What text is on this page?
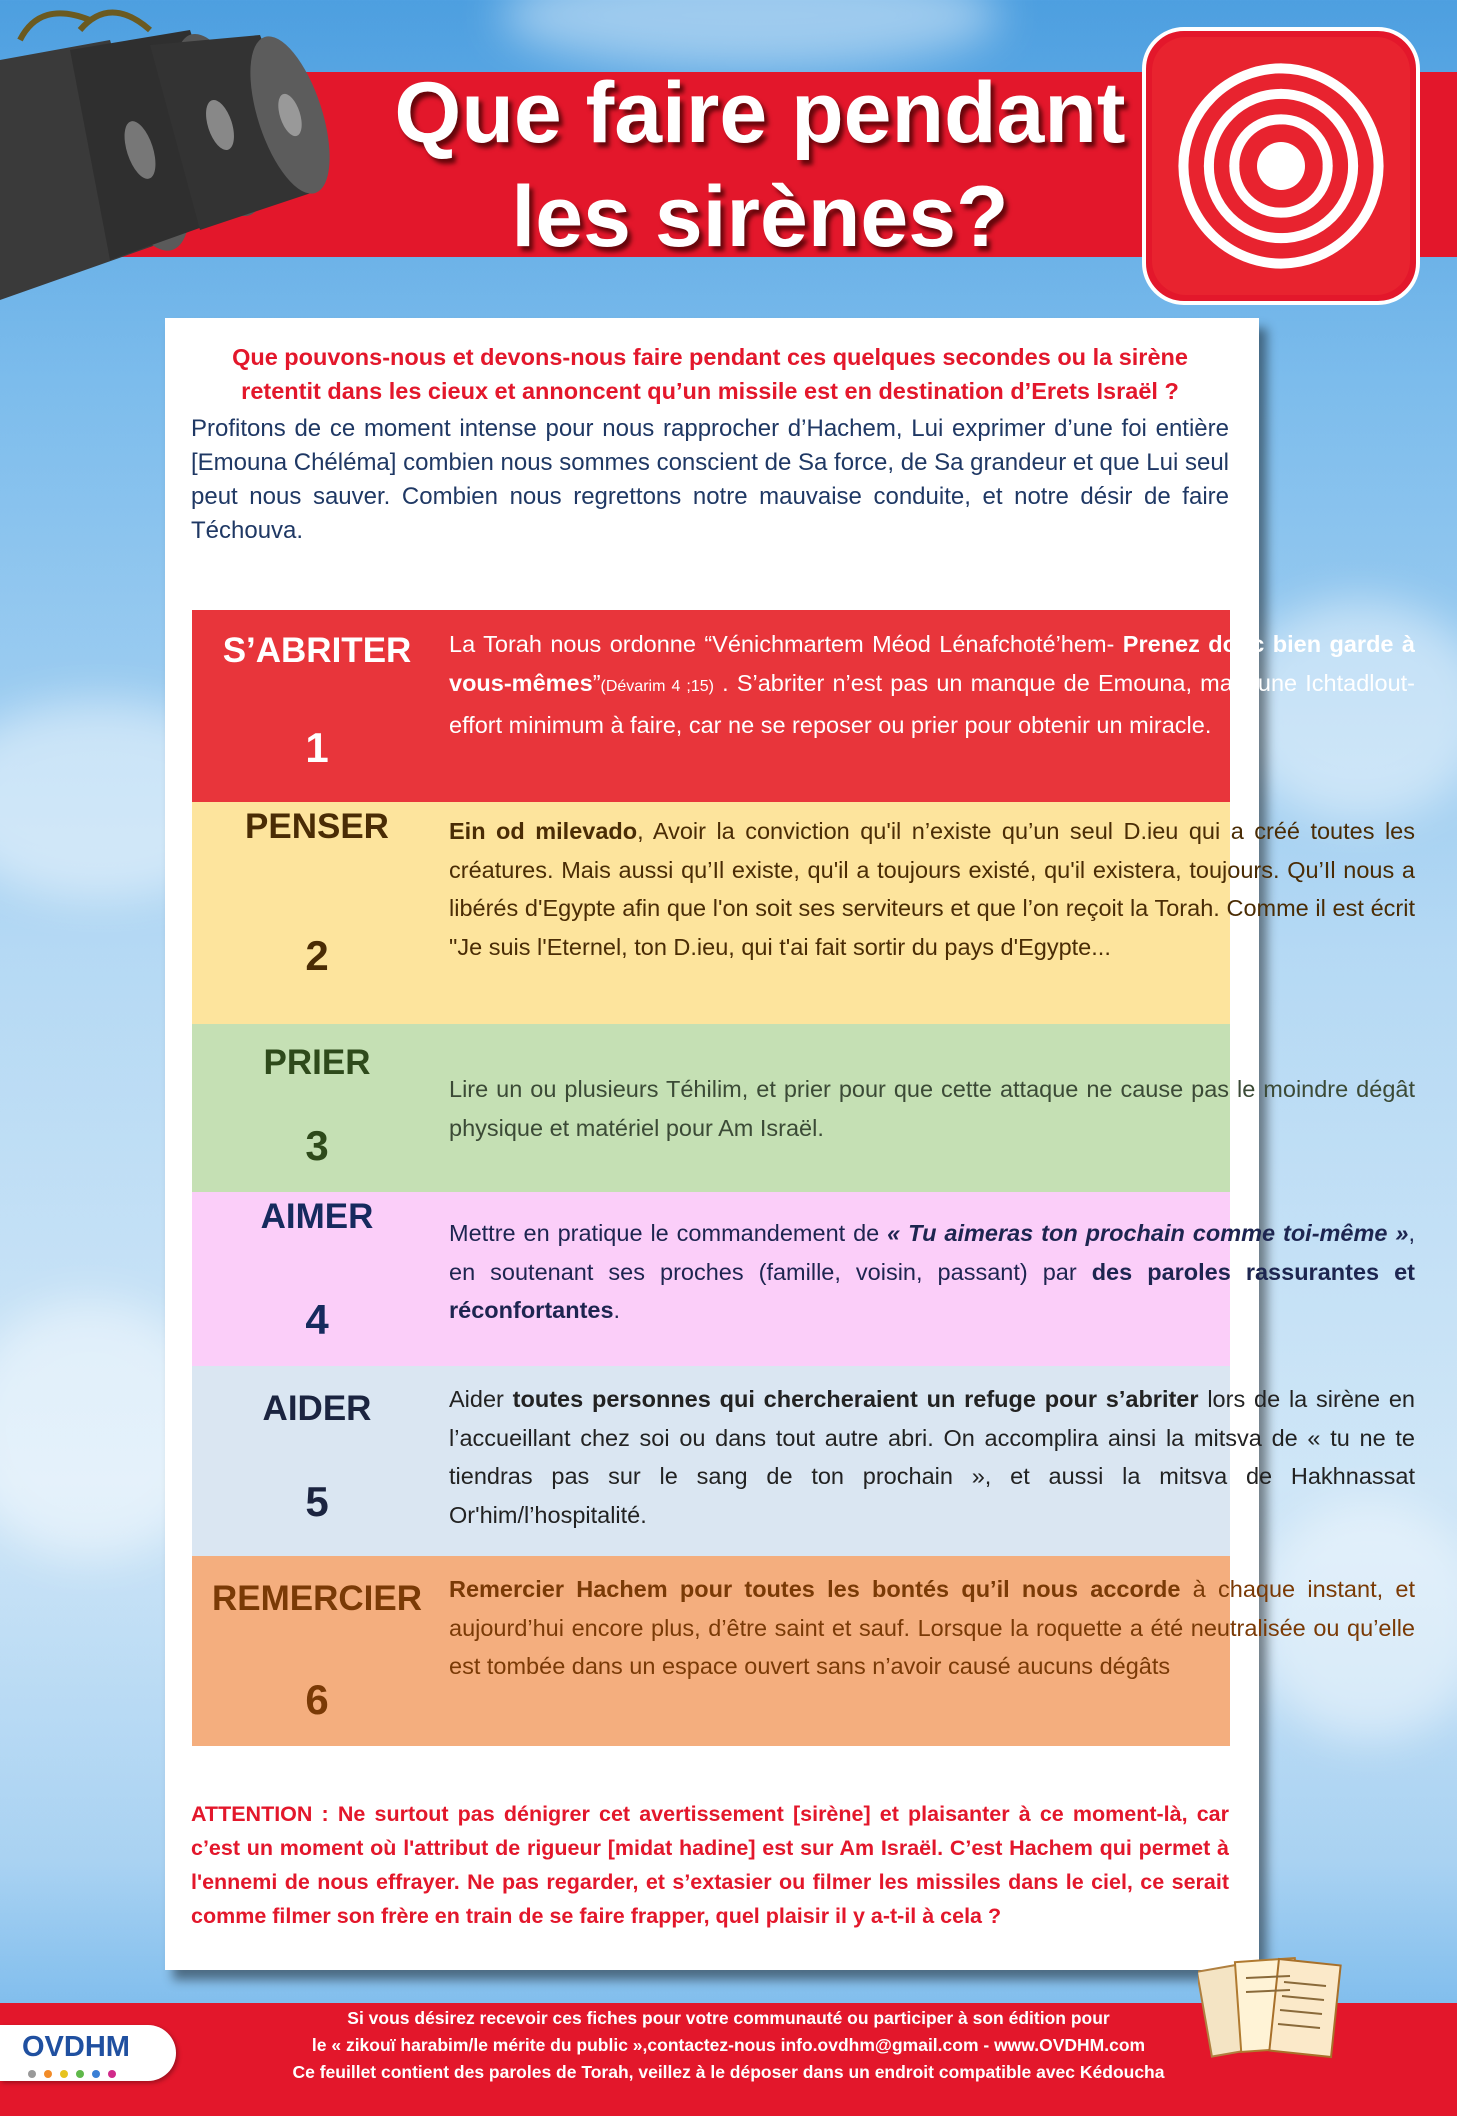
Que faire pendant
les sirènes?

Que pouvons-nous et devons-nous faire pendant ces quelques secondes ou la sirène retentit dans les cieux et annoncent qu’un missile est en destination d’Erets Israël ?

Profitons de ce moment intense pour nous rapprocher d’Hachem, Lui exprimer d’une foi entière [Emouna Chéléma] combien nous sommes conscient de Sa force, de Sa grandeur et que Lui seul peut nous sauver. Combien nous regrettons notre mauvaise conduite, et notre désir de faire Téchouva.

S’ABRITER
1

La Torah nous ordonne “Vénichmartem Méod Lénafchoté’hem- Prenez donc bien garde à vous-mêmes”(Dévarim 4 ;15) . S’abriter n’est pas un manque de Emouna, mais une Ichtadlout-effort minimum à faire, car ne se reposer ou prier pour obtenir un miracle.

PENSER
2

Ein od milevado, Avoir la conviction qu'il n’existe qu’un seul D.ieu qui a créé toutes les créatures. Mais aussi qu’Il existe, qu'il a toujours existé, qu'il existera, toujours. Qu’Il nous a libérés d'Egypte afin que l'on soit ses serviteurs et que l’on reçoit la Torah. Comme il est écrit "Je suis l'Eternel, ton D.ieu, qui t'ai fait sortir du pays d'Egypte...

PRIER
3

Lire un ou plusieurs Téhilim, et prier pour que cette attaque ne cause pas le moindre dégât physique et matériel pour Am Israël.

AIMER
4

Mettre en pratique le commandement de « Tu aimeras ton prochain comme toi-même », en soutenant ses proches (famille, voisin, passant) par des paroles rassurantes et réconfortantes.

AIDER
5

Aider toutes personnes qui chercheraient un refuge pour s’abriter lors de la sirène en l’accueillant chez soi ou dans tout autre abri. On accomplira ainsi la mitsva de « tu ne te tiendras pas sur le sang de ton prochain », et aussi la mitsva de Hakhnassat Or'him/l’hospitalité.

REMERCIER
6

Remercier Hachem pour toutes les bontés qu’il nous accorde à chaque instant, et aujourd’hui encore plus, d’être saint et sauf. Lorsque la roquette a été neutralisée ou qu’elle est tombée dans un espace ouvert sans n’avoir causé aucuns dégâts

ATTENTION : Ne surtout pas dénigrer cet avertissement [sirène] et plaisanter à ce moment-là, car c’est un moment où l'attribut de rigueur [midat hadine] est sur Am Israël. C’est Hachem qui permet à l'ennemi de nous effrayer. Ne pas regarder, et s’extasier ou filmer les missiles dans le ciel, ce serait comme filmer son frère en train de se faire frapper, quel plaisir il y a-t-il à cela ?

OVDHM

Si vous désirez recevoir ces fiches pour votre communauté ou participer à son édition pour
le « zikouï harabim/le mérite du public »,contactez-nous info.ovdhm@gmail.com - www.OVDHM.com
Ce feuillet contient des paroles de Torah, veillez à le déposer dans un endroit compatible avec Kédoucha
